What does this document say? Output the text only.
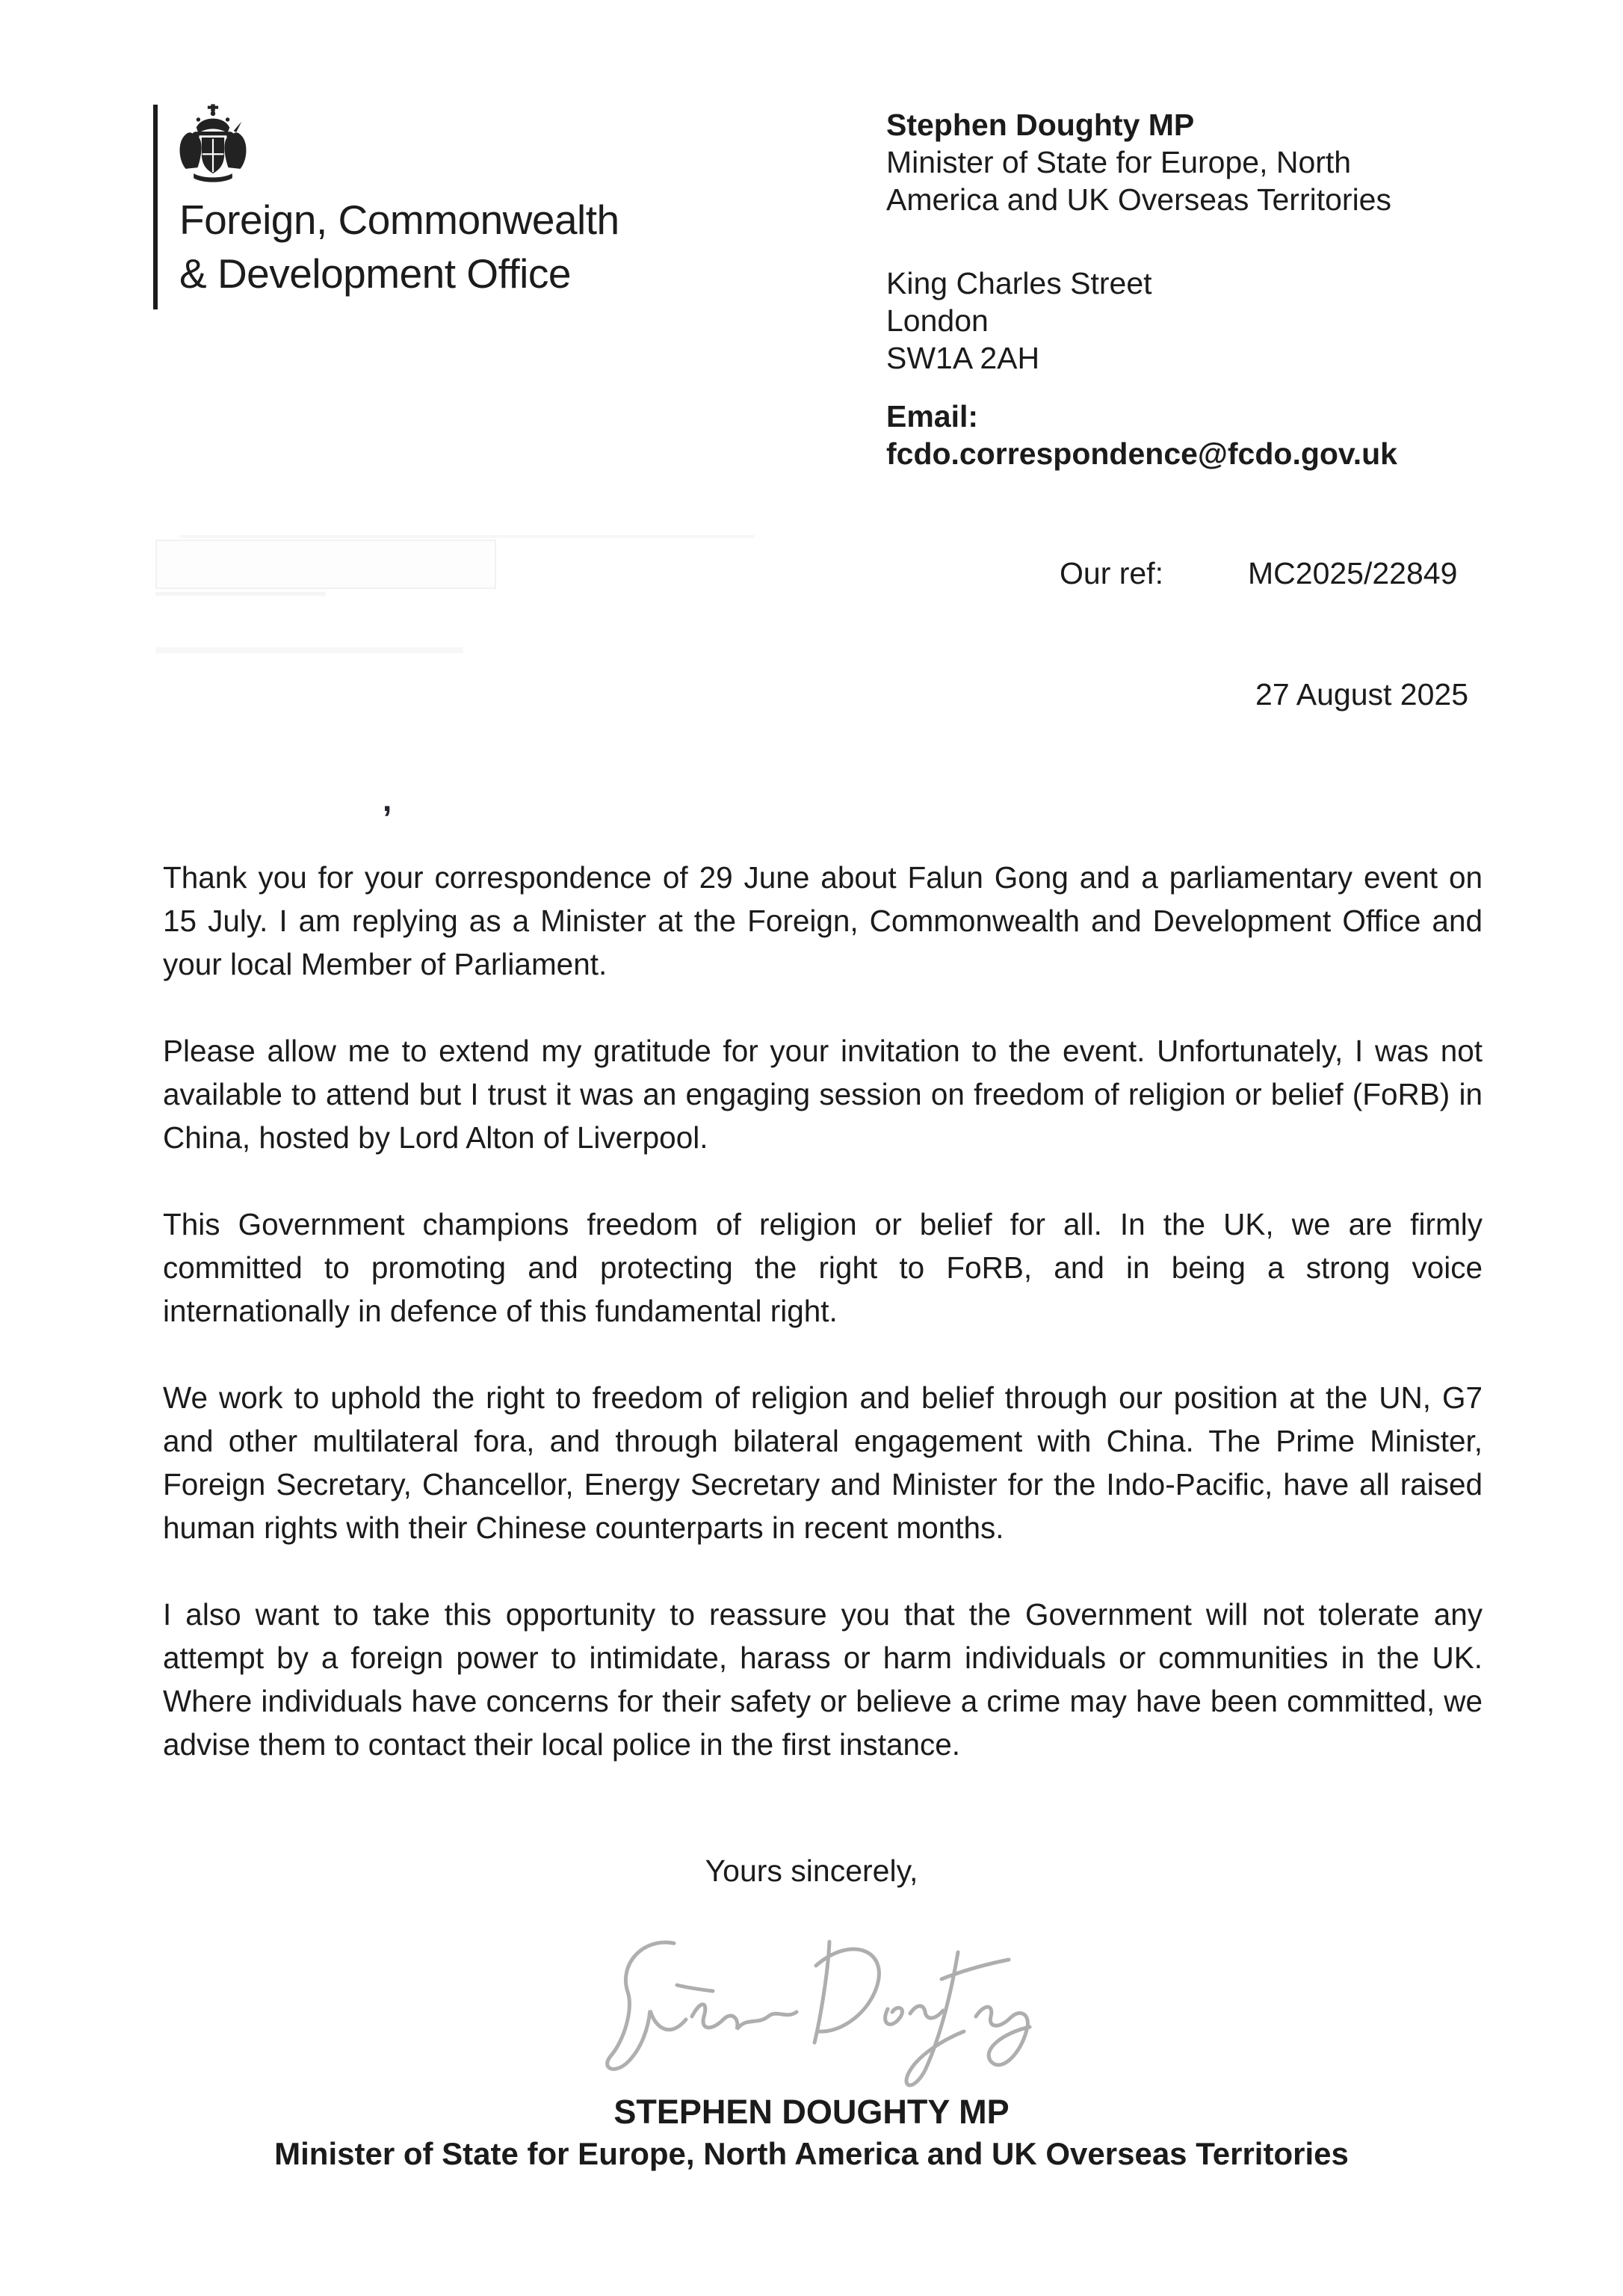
Foreign, Commonwealth
& Development Office
Stephen Doughty MP
Minister of State for Europe, North
America and UK Overseas Territories
King Charles Street
London
SW1A 2AH
Email:
fcdo.correspondence@fcdo.gov.uk
Our ref:	MC2025/22849
27 August 2025
,

Thank you for your correspondence of 29 June about Falun Gong and a parliamentary event on 15 July. I am replying as a Minister at the Foreign, Commonwealth and Development Office and your local Member of Parliament.

Please allow me to extend my gratitude for your invitation to the event. Unfortunately, I was not available to attend but I trust it was an engaging session on freedom of religion or belief (FoRB) in China, hosted by Lord Alton of Liverpool.

This Government champions freedom of religion or belief for all. In the UK, we are firmly committed to promoting and protecting the right to FoRB, and in being a strong voice internationally in defence of this fundamental right.

We work to uphold the right to freedom of religion and belief through our position at the UN, G7 and other multilateral fora, and through bilateral engagement with China. The Prime Minister, Foreign Secretary, Chancellor, Energy Secretary and Minister for the Indo-Pacific, have all raised human rights with their Chinese counterparts in recent months.

I also want to take this opportunity to reassure you that the Government will not tolerate any attempt by a foreign power to intimidate, harass or harm individuals or communities in the UK. Where individuals have concerns for their safety or believe a crime may have been committed, we advise them to contact their local police in the first instance.

Yours sincerely,
STEPHEN DOUGHTY MP
Minister of State for Europe, North America and UK Overseas Territories
